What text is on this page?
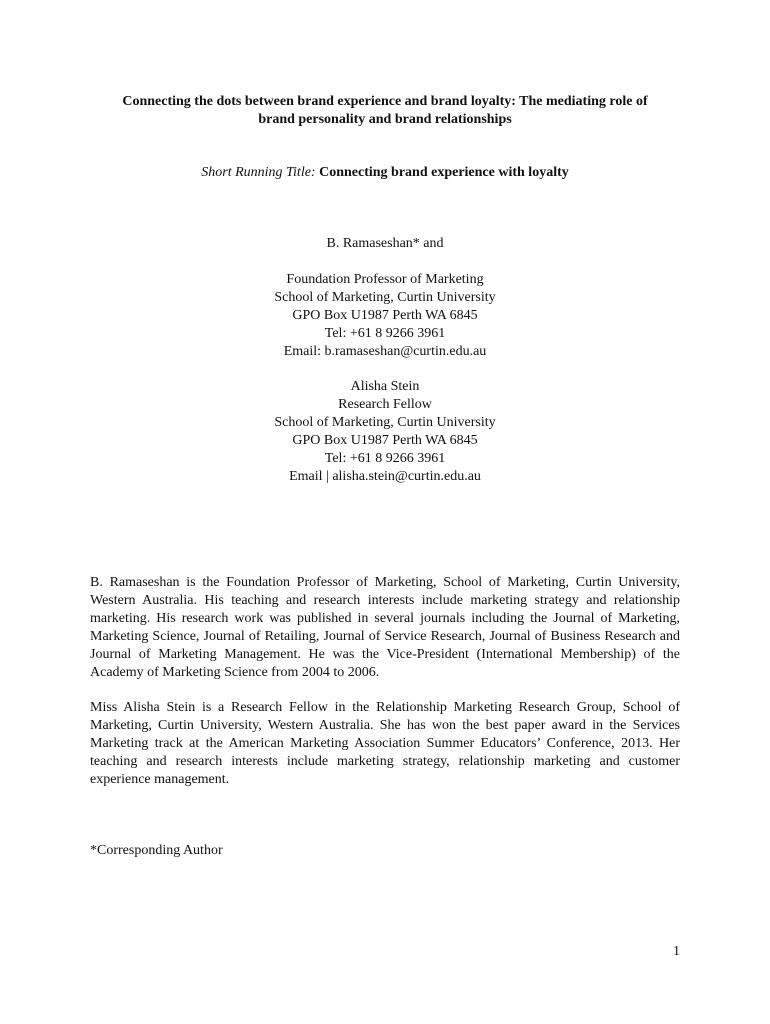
Connecting the dots between brand experience and brand loyalty: The mediating role of
brand personality and brand relationships
Short Running Title: Connecting brand experience with loyalty
B. Ramaseshan* and
Foundation Professor of Marketing
School of Marketing, Curtin University
GPO Box U1987 Perth WA 6845
Tel: +61 8 9266 3961
Email: b.ramaseshan@curtin.edu.au
Alisha Stein
Research Fellow
School of Marketing, Curtin University
GPO Box U1987 Perth WA 6845
Tel: +61 8 9266 3961
Email | alisha.stein@curtin.edu.au
B. Ramaseshan is the Foundation Professor of Marketing, School of Marketing, Curtin University, Western Australia. His teaching and research interests include marketing strategy and relationship marketing. His research work was published in several journals including the Journal of Marketing, Marketing Science, Journal of Retailing, Journal of Service Research, Journal of Business Research and Journal of Marketing Management. He was the Vice-President (International Membership) of the Academy of Marketing Science from 2004 to 2006.
Miss Alisha Stein is a Research Fellow in the Relationship Marketing Research Group, School of Marketing, Curtin University, Western Australia. She has won the best paper award in the Services Marketing track at the American Marketing Association Summer Educators’ Conference, 2013. Her teaching and research interests include marketing strategy, relationship marketing and customer experience management.
*Corresponding Author
1
